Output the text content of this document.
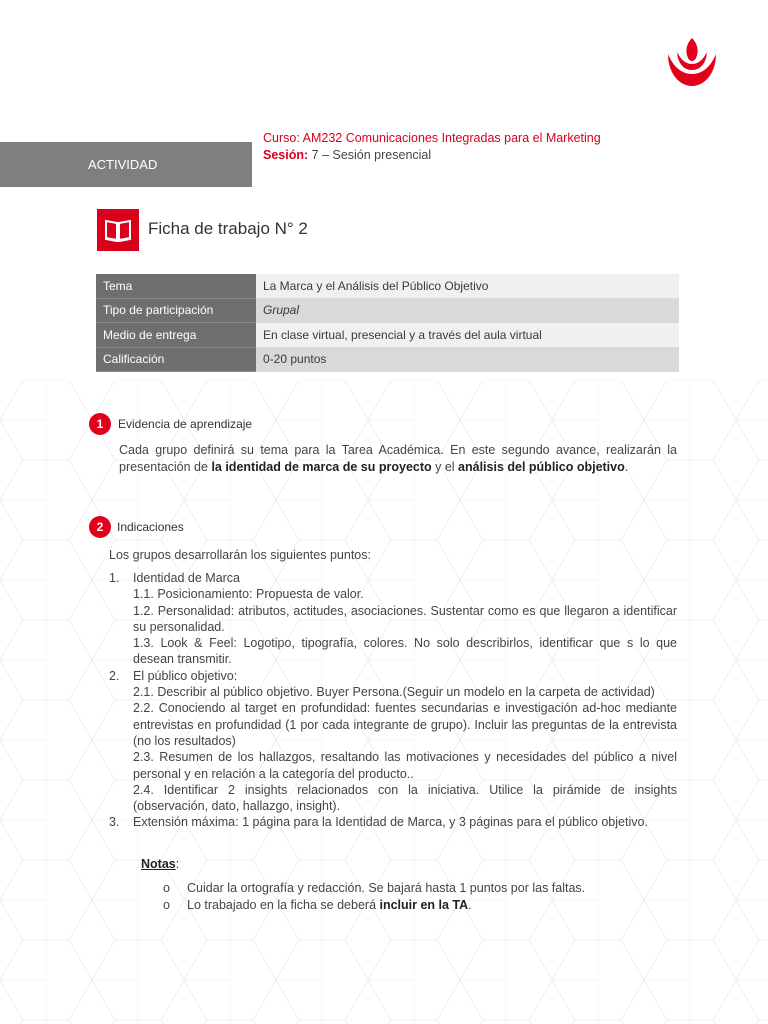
Curso: AM232 Comunicaciones Integradas para el Marketing
Sesión: 7 – Sesión presencial
ACTIVIDAD
Ficha de trabajo N° 2
Tema	La Marca y el Análisis del Público Objetivo
Tipo de participación	Grupal
Medio de entrega	En clase virtual, presencial y a través del aula virtual
Calificación	0-20 puntos
1	Evidencia de aprendizaje

Cada grupo definirá su tema para la Tarea Académica. En este segundo avance, realizarán la presentación de la identidad de marca de su proyecto y el análisis del público objetivo.

2	Indicaciones
Los grupos desarrollarán los siguientes puntos:
1. Identidad de Marca
1.1. Posicionamiento: Propuesta de valor.
1.2. Personalidad: atributos, actitudes, asociaciones. Sustentar como es que llegaron a identificar su personalidad.
1.3. Look & Feel: Logotipo, tipografía, colores. No solo describirlos, identificar que s lo que desean transmitir.
2. El público objetivo:
2.1. Describir al público objetivo. Buyer Persona.(Seguir un modelo en la carpeta de actividad)
2.2. Conociendo al target en profundidad: fuentes secundarias e investigación ad-hoc mediante entrevistas en profundidad (1 por cada integrante de grupo). Incluir las preguntas de la entrevista (no los resultados)
2.3. Resumen de los hallazgos, resaltando las motivaciones y necesidades del público a nivel personal y en relación a la categoría del producto..
2.4. Identificar 2 insights relacionados con la iniciativa. Utilice la pirámide de insights (observación, dato, hallazgo, insight).
3. Extensión máxima: 1 página para la Identidad de Marca, y 3 páginas para el público objetivo.
Notas:
o Cuidar la ortografía y redacción. Se bajará hasta 1 puntos por las faltas.
o Lo trabajado en la ficha se deberá incluir en la TA.
